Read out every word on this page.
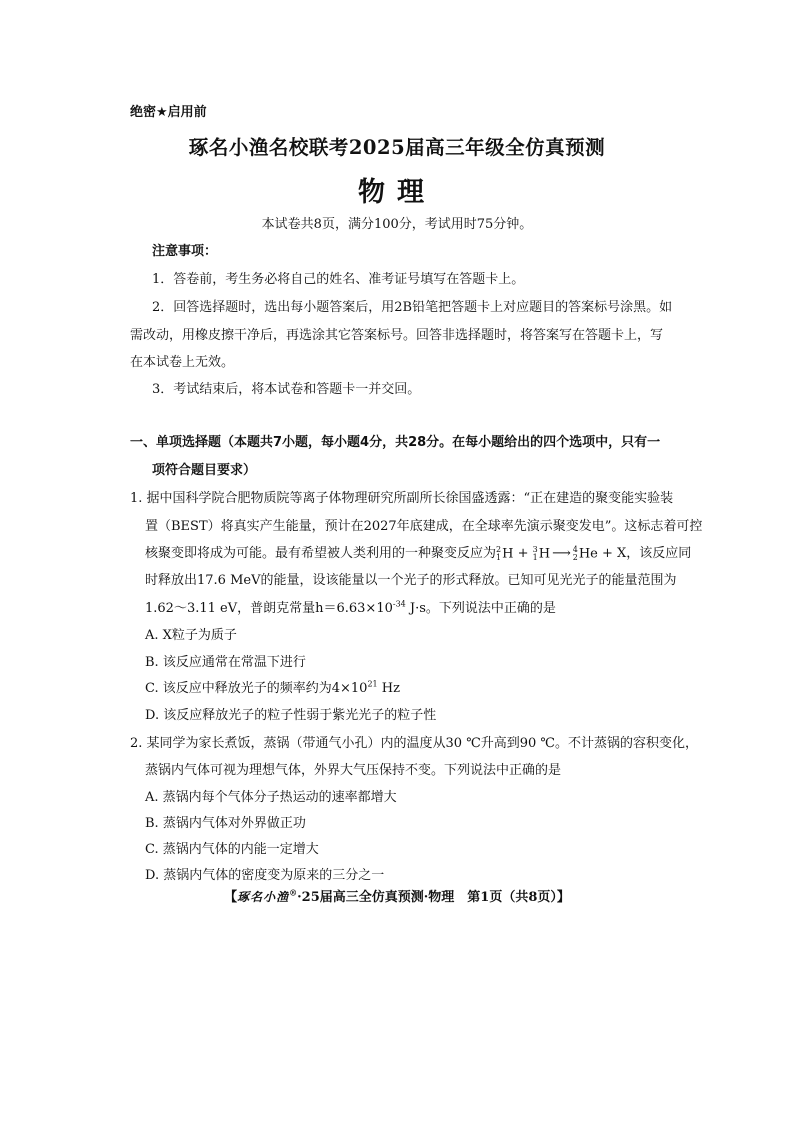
绝密★启用前
琢名小渔名校联考2025届高三年级全仿真预测
物理
本试卷共8页，满分100分，考试用时75分钟。
注意事项：
1．答卷前，考生务必将自己的姓名、准考证号填写在答题卡上。
2．回答选择题时，选出每小题答案后，用2B铅笔把答题卡上对应题目的答案标号涂黑。如
需改动，用橡皮擦干净后，再选涂其它答案标号。回答非选择题时，将答案写在答题卡上，写
在本试卷上无效。
3．考试结束后，将本试卷和答题卡一并交回。
一、单项选择题（本题共7小题，每小题4分，共28分。在每小题给出的四个选项中，只有一
项符合题目要求）
1. 据中国科学院合肥物质院等离子体物理研究所副所长徐国盛透露：“正在建造的聚变能实验装
置（BEST）将真实产生能量，预计在2027年底建成，在全球率先演示聚变发电”。这标志着可控
核聚变即将成为可能。最有希望被人类利用的一种聚变反应为 2
1 H + 3
1 H ⟶ 4
2 He + X，该反应同
时释放出17.6 MeV的能量，设该能量以一个光子的形式释放。已知可见光光子的能量范围为
1.62～3.11 eV，普朗克常量$h=6.63\times 10^{-34}$ J·s。下列说法中正确的是
A. X粒子为质子
B. 该反应通常在常温下进行
C. 该反应中释放光子的频率约为$4\times 10^{21}$ Hz
D. 该反应释放光子的粒子性弱于紫光光子的粒子性
2. 某同学为家长煮饭，蒸锅（带通气小孔）内的温度从30 ℃升高到90 ℃。不计蒸锅的容积变化，
蒸锅内气体可视为理想气体，外界大气压保持不变。下列说法中正确的是
A. 蒸锅内每个气体分子热运动的速率都增大
B. 蒸锅内气体对外界做正功
C. 蒸锅内气体的内能一定增大
D. 蒸锅内气体的密度变为原来的三分之一
【琢名小渔®·25届高三全仿真预测·物理　第1页（共8页）】
